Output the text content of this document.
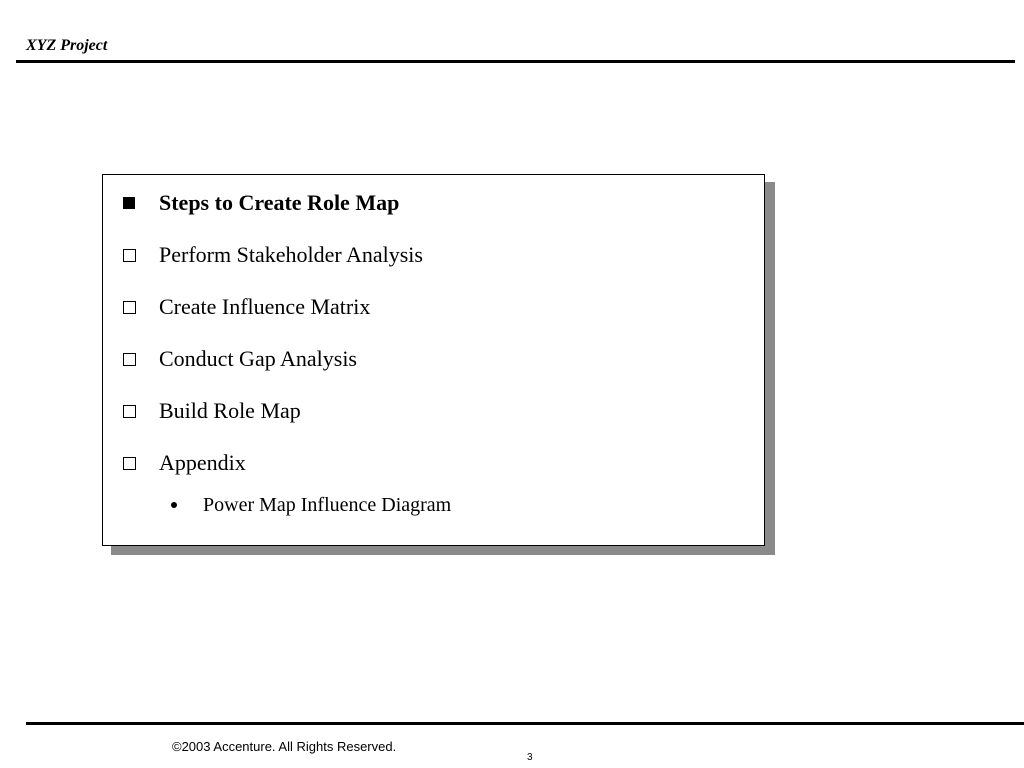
XYZ Project
Steps to Create Role Map
Perform Stakeholder Analysis
Create Influence Matrix
Conduct Gap Analysis
Build Role Map
Appendix
Power Map Influence Diagram
©2003 Accenture. All Rights Reserved.
3
